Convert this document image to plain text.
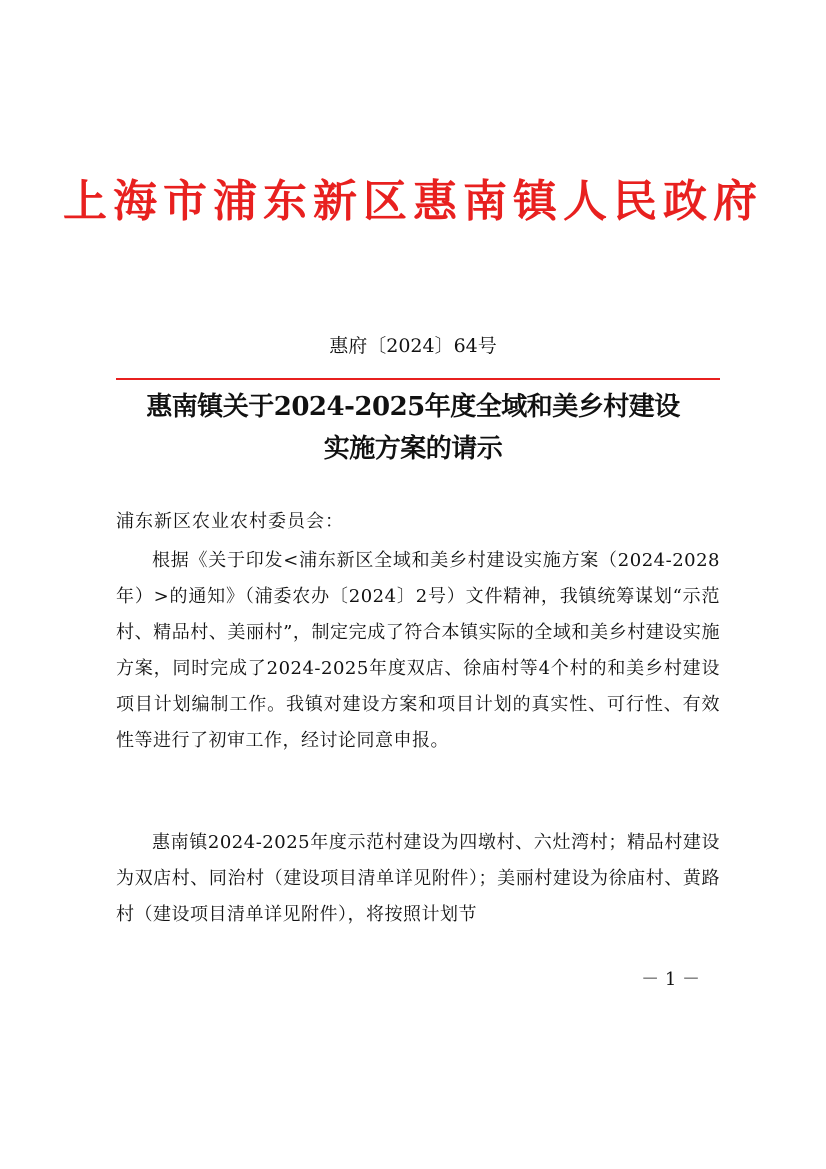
上海市浦东新区惠南镇人民政府
惠府〔2024〕64号
惠南镇关于2024-2025年度全域和美乡村建设
实施方案的请示
浦东新区农业农村委员会：
根据《关于印发<浦东新区全域和美乡村建设实施方案（2024-2028年）>的通知》（浦委农办〔2024〕2号）文件精神，我镇统筹谋划“示范村、精品村、美丽村”，制定完成了符合本镇实际的全域和美乡村建设实施方案，同时完成了2024-2025年度双店、徐庙村等4个村的和美乡村建设项目计划编制工作。我镇对建设方案和项目计划的真实性、可行性、有效性等进行了初审工作，经讨论同意申报。
惠南镇2024-2025年度示范村建设为四墩村、六灶湾村；精品村建设为双店村、同治村（建设项目清单详见附件）；美丽村建设为徐庙村、黄路村（建设项目清单详见附件），将按照计划节
－ 1 －
